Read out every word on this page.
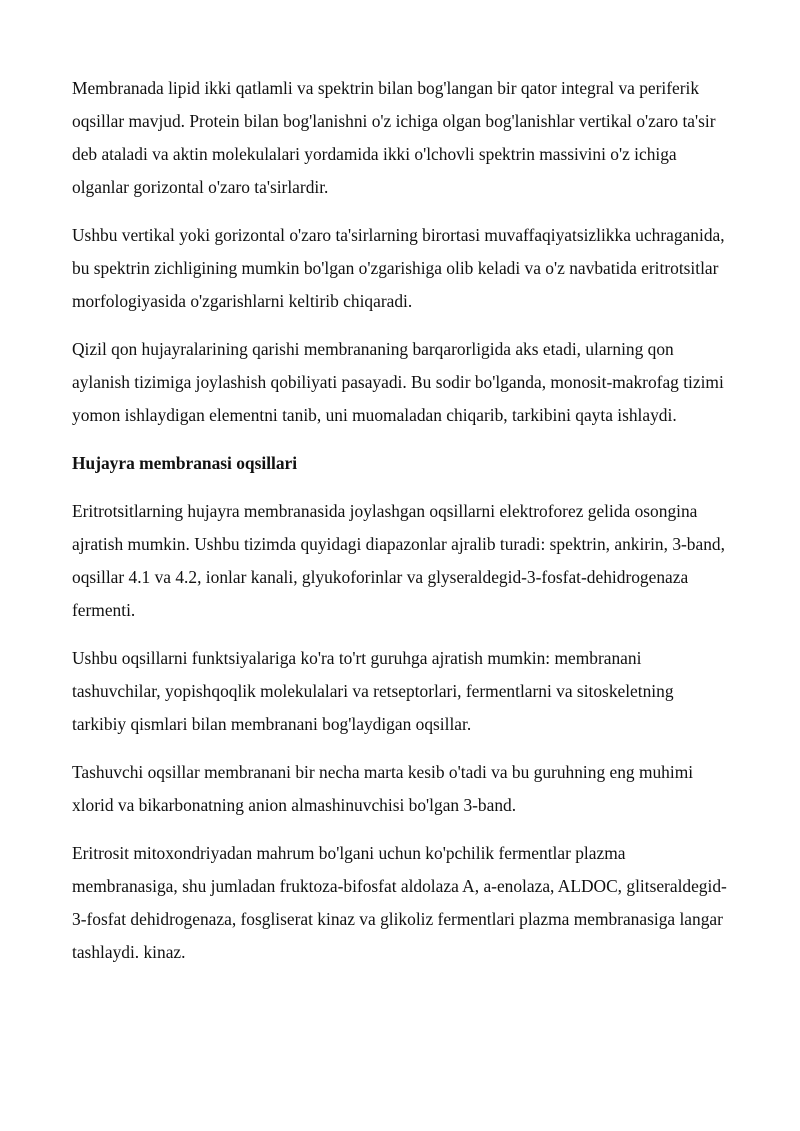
Membranada lipid ikki qatlamli va spektrin bilan bog'langan bir qator integral va periferik oqsillar mavjud. Protein bilan bog'lanishni o'z ichiga olgan bog'lanishlar vertikal o'zaro ta'sir deb ataladi va aktin molekulalari yordamida ikki o'lchovli spektrin massivini o'z ichiga olganlar gorizontal o'zaro ta'sirlardir.

Ushbu vertikal yoki gorizontal o'zaro ta'sirlarning birortasi muvaffaqiyatsizlikka uchraganida, bu spektrin zichligining mumkin bo'lgan o'zgarishiga olib keladi va o'z navbatida eritrotsitlar morfologiyasida o'zgarishlarni keltirib chiqaradi.

Qizil qon hujayralarining qarishi membrananing barqarorligida aks etadi, ularning qon aylanish tizimiga joylashish qobiliyati pasayadi. Bu sodir bo'lganda, monosit-makrofag tizimi yomon ishlaydigan elementni tanib, uni muomaladan chiqarib, tarkibini qayta ishlaydi.

Hujayra membranasi oqsillari

Eritrotsitlarning hujayra membranasida joylashgan oqsillarni elektroforez gelida osongina ajratish mumkin. Ushbu tizimda quyidagi diapazonlar ajralib turadi: spektrin, ankirin, 3-band, oqsillar 4.1 va 4.2, ionlar kanali, glyukoforinlar va glyseraldegid-3-fosfat-dehidrogenaza fermenti.

Ushbu oqsillarni funktsiyalariga ko'ra to'rt guruhga ajratish mumkin: membranani tashuvchilar, yopishqoqlik molekulalari va retseptorlari, fermentlarni va sitoskeletning tarkibiy qismlari bilan membranani bog'laydigan oqsillar.

Tashuvchi oqsillar membranani bir necha marta kesib o'tadi va bu guruhning eng muhimi xlorid va bikarbonatning anion almashinuvchisi bo'lgan 3-band.

Eritrosit mitoxondriyadan mahrum bo'lgani uchun ko'pchilik fermentlar plazma membranasiga, shu jumladan fruktoza-bifosfat aldolaza A, a-enolaza, ALDOC, glitseraldegid-3-fosfat dehidrogenaza, fosgliserat kinaz va glikoliz fermentlari plazma membranasiga langar tashlaydi. kinaz.
